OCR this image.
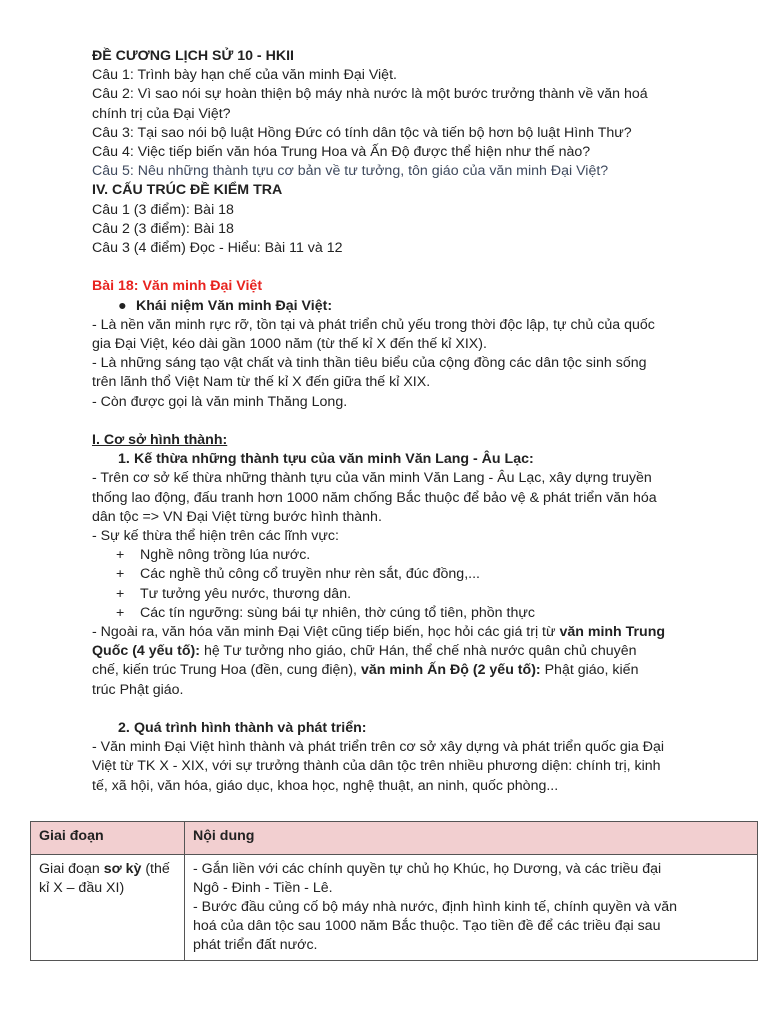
ĐỀ CƯƠNG LỊCH SỬ 10 - HKII

Câu 1: Trình bày hạn chế của văn minh Đại Việt.

Câu 2: Vì sao nói sự hoàn thiện bộ máy nhà nước là một bước trưởng thành về văn hoá

chính trị của Đại Việt?

Câu 3: Tại sao nói bộ luật Hồng Đức có tính dân tộc và tiến bộ hơn bộ luật Hình Thư?

Câu 4: Việc tiếp biến văn hóa Trung Hoa và Ấn Độ được thể hiện như thế nào?

Câu 5: Nêu những thành tựu cơ bản về tư tưởng, tôn giáo của văn minh Đại Việt?

IV. CẤU TRÚC ĐỀ KIỂM TRA

Câu 1 (3 điểm): Bài 18

Câu 2 (3 điểm): Bài 18

Câu 3 (4 điểm) Đọc - Hiểu: Bài 11 và 12

Bài 18: Văn minh Đại Việt

● Khái niệm Văn minh Đại Việt:

- Là nền văn minh rực rỡ, tồn tại và phát triển chủ yếu trong thời độc lập, tự chủ của quốc

gia Đại Việt, kéo dài gần 1000 năm (từ thế kỉ X đến thế kỉ XIX).

- Là những sáng tạo vật chất và tinh thần tiêu biểu của cộng đồng các dân tộc sinh sống

trên lãnh thổ Việt Nam từ thế kỉ X đến giữa thế kỉ XIX.

- Còn được gọi là văn minh Thăng Long.

I. Cơ sở hình thành:

1. Kế thừa những thành tựu của văn minh Văn Lang - Âu Lạc:

- Trên cơ sở kế thừa những thành tựu của văn minh Văn Lang - Âu Lạc, xây dựng truyền

thống lao động, đấu tranh hơn 1000 năm chống Bắc thuộc để bảo vệ & phát triển văn hóa

dân tộc => VN Đại Việt từng bước hình thành.

- Sự kế thừa thể hiện trên các lĩnh vực:

+	Nghề nông trồng lúa nước.
+	Các nghề thủ công cổ truyền như rèn sắt, đúc đồng,...
+	Tư tưởng yêu nước, thương dân.
+	Các tín ngưỡng: sùng bái tự nhiên, thờ cúng tổ tiên, phồn thực

- Ngoài ra, văn hóa văn minh Đại Việt cũng tiếp biến, học hỏi các giá trị từ văn minh Trung

Quốc (4 yếu tố): hệ Tư tưởng nho giáo, chữ Hán, thể chế nhà nước quân chủ chuyên

chế, kiến trúc Trung Hoa (đền, cung điện), văn minh Ấn Độ (2 yếu tố): Phật giáo, kiến

trúc Phật giáo.

2. Quá trình hình thành và phát triển:

- Văn minh Đại Việt hình thành và phát triển trên cơ sở xây dựng và phát triển quốc gia Đại

Việt từ TK X - XIX, với sự trưởng thành của dân tộc trên nhiều phương diện: chính trị, kinh

tế, xã hội, văn hóa, giáo dục, khoa học, nghệ thuật, an ninh, quốc phòng...

Giai đoạn	Nội dung
Giai đoạn sơ kỳ (thế kỉ X – đầu XI)	- Gắn liền với các chính quyền tự chủ họ Khúc, họ Dương, và các triều đại
Ngô - Đinh - Tiền - Lê.
- Bước đầu củng cố bộ máy nhà nước, định hình kinh tế, chính quyền và văn
hoá của dân tộc sau 1000 năm Bắc thuộc. Tạo tiền đề để các triều đại sau
phát triển đất nước.
